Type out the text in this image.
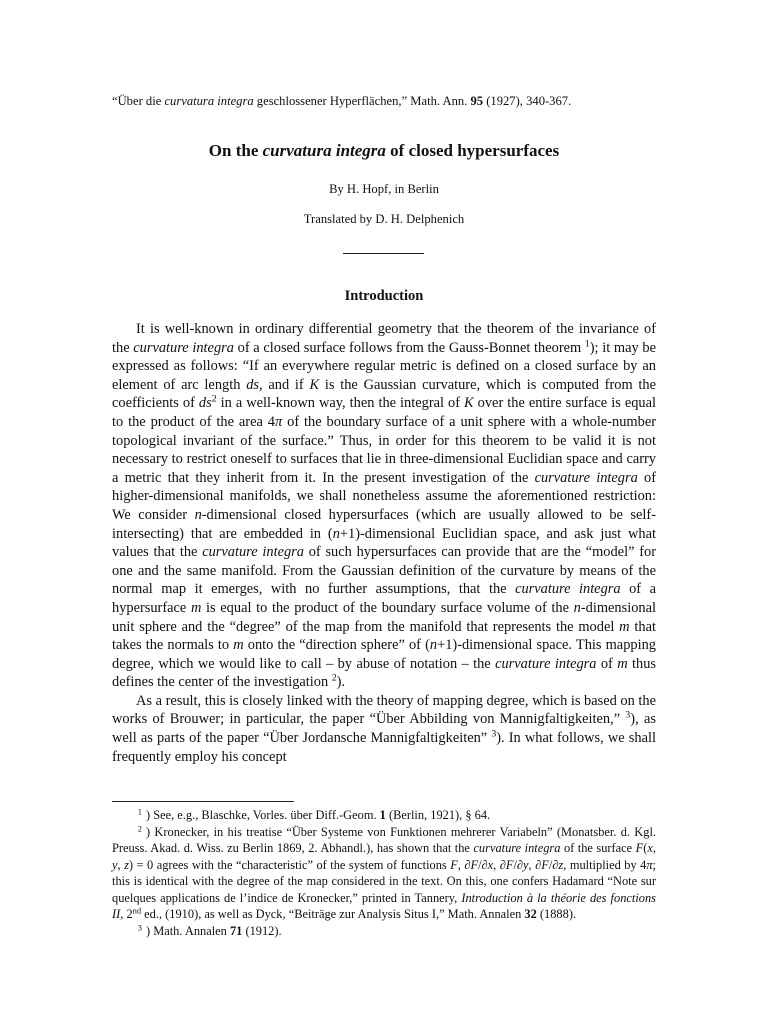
“Über die curvatura integra geschlossener Hyperflächen,” Math. Ann. 95 (1927), 340-367.
On the curvatura integra of closed hypersurfaces
By H. Hopf, in Berlin
Translated by D. H. Delphenich
Introduction

It is well-known in ordinary differential geometry that the theorem of the invariance of the curvature integra of a closed surface follows from the Gauss-Bonnet theorem $^1$); it may be expressed as follows: “If an everywhere regular metric is defined on a closed surface by an element of arc length ds, and if K is the Gaussian curvature, which is computed from the coefficients of $ds^2$ in a well-known way, then the integral of K over the entire surface is equal to the product of the area 4π of the boundary surface of a unit sphere with a whole-number topological invariant of the surface.” Thus, in order for this theorem to be valid it is not necessary to restrict oneself to surfaces that lie in three-dimensional Euclidian space and carry a metric that they inherit from it. In the present investigation of the curvature integra of higher-dimensional manifolds, we shall nonetheless assume the aforementioned restriction: We consider n-dimensional closed hypersurfaces (which are usually allowed to be self-intersecting) that are embedded in (n+1)-dimensional Euclidian space, and ask just what values that the curvature integra of such hypersurfaces can provide that are the “model” for one and the same manifold. From the Gaussian definition of the curvature by means of the normal map it emerges, with no further assumptions, that the curvature integra of a hypersurface m is equal to the product of the boundary surface volume of the n-dimensional unit sphere and the “degree” of the map from the manifold that represents the model m that takes the normals to m onto the “direction sphere” of (n+1)-dimensional space. This mapping degree, which we would like to call – by abuse of notation – the curvature integra of m thus defines the center of the investigation $^2$).

As a result, this is closely linked with the theory of mapping degree, which is based on the works of Brouwer; in particular, the paper “Über Abbilding von Mannigfaltigkeiten,” $^3$), as well as parts of the paper “Über Jordansche Mannigfaltigkeiten” $^3$). In what follows, we shall frequently employ his concept

$^1$ ) See, e.g., Blaschke, Vorles. über Diff.-Geom. 1 (Berlin, 1921), § 64.

$^2$ ) Kronecker, in his treatise “Über Systeme von Funktionen mehrerer Variabeln” (Monatsber. d. Kgl. Preuss. Akad. d. Wiss. zu Berlin 1869, 2. Abhandl.), has shown that the curvature integra of the surface F(x, y, z) = 0 agrees with the “characteristic” of the system of functions F, ∂F/∂x, ∂F/∂y, ∂F/∂z, multiplied by 4π; this is identical with the degree of the map considered in the text. On this, one confers Hadamard “Note sur quelques applications de l’indice de Kronecker,” printed in Tannery, Introduction à la théorie des fonctions II, 2nd ed., (1910), as well as Dyck, “Beiträge zur Analysis Situs I,” Math. Annalen 32 (1888).

$^3$ ) Math. Annalen 71 (1912).
